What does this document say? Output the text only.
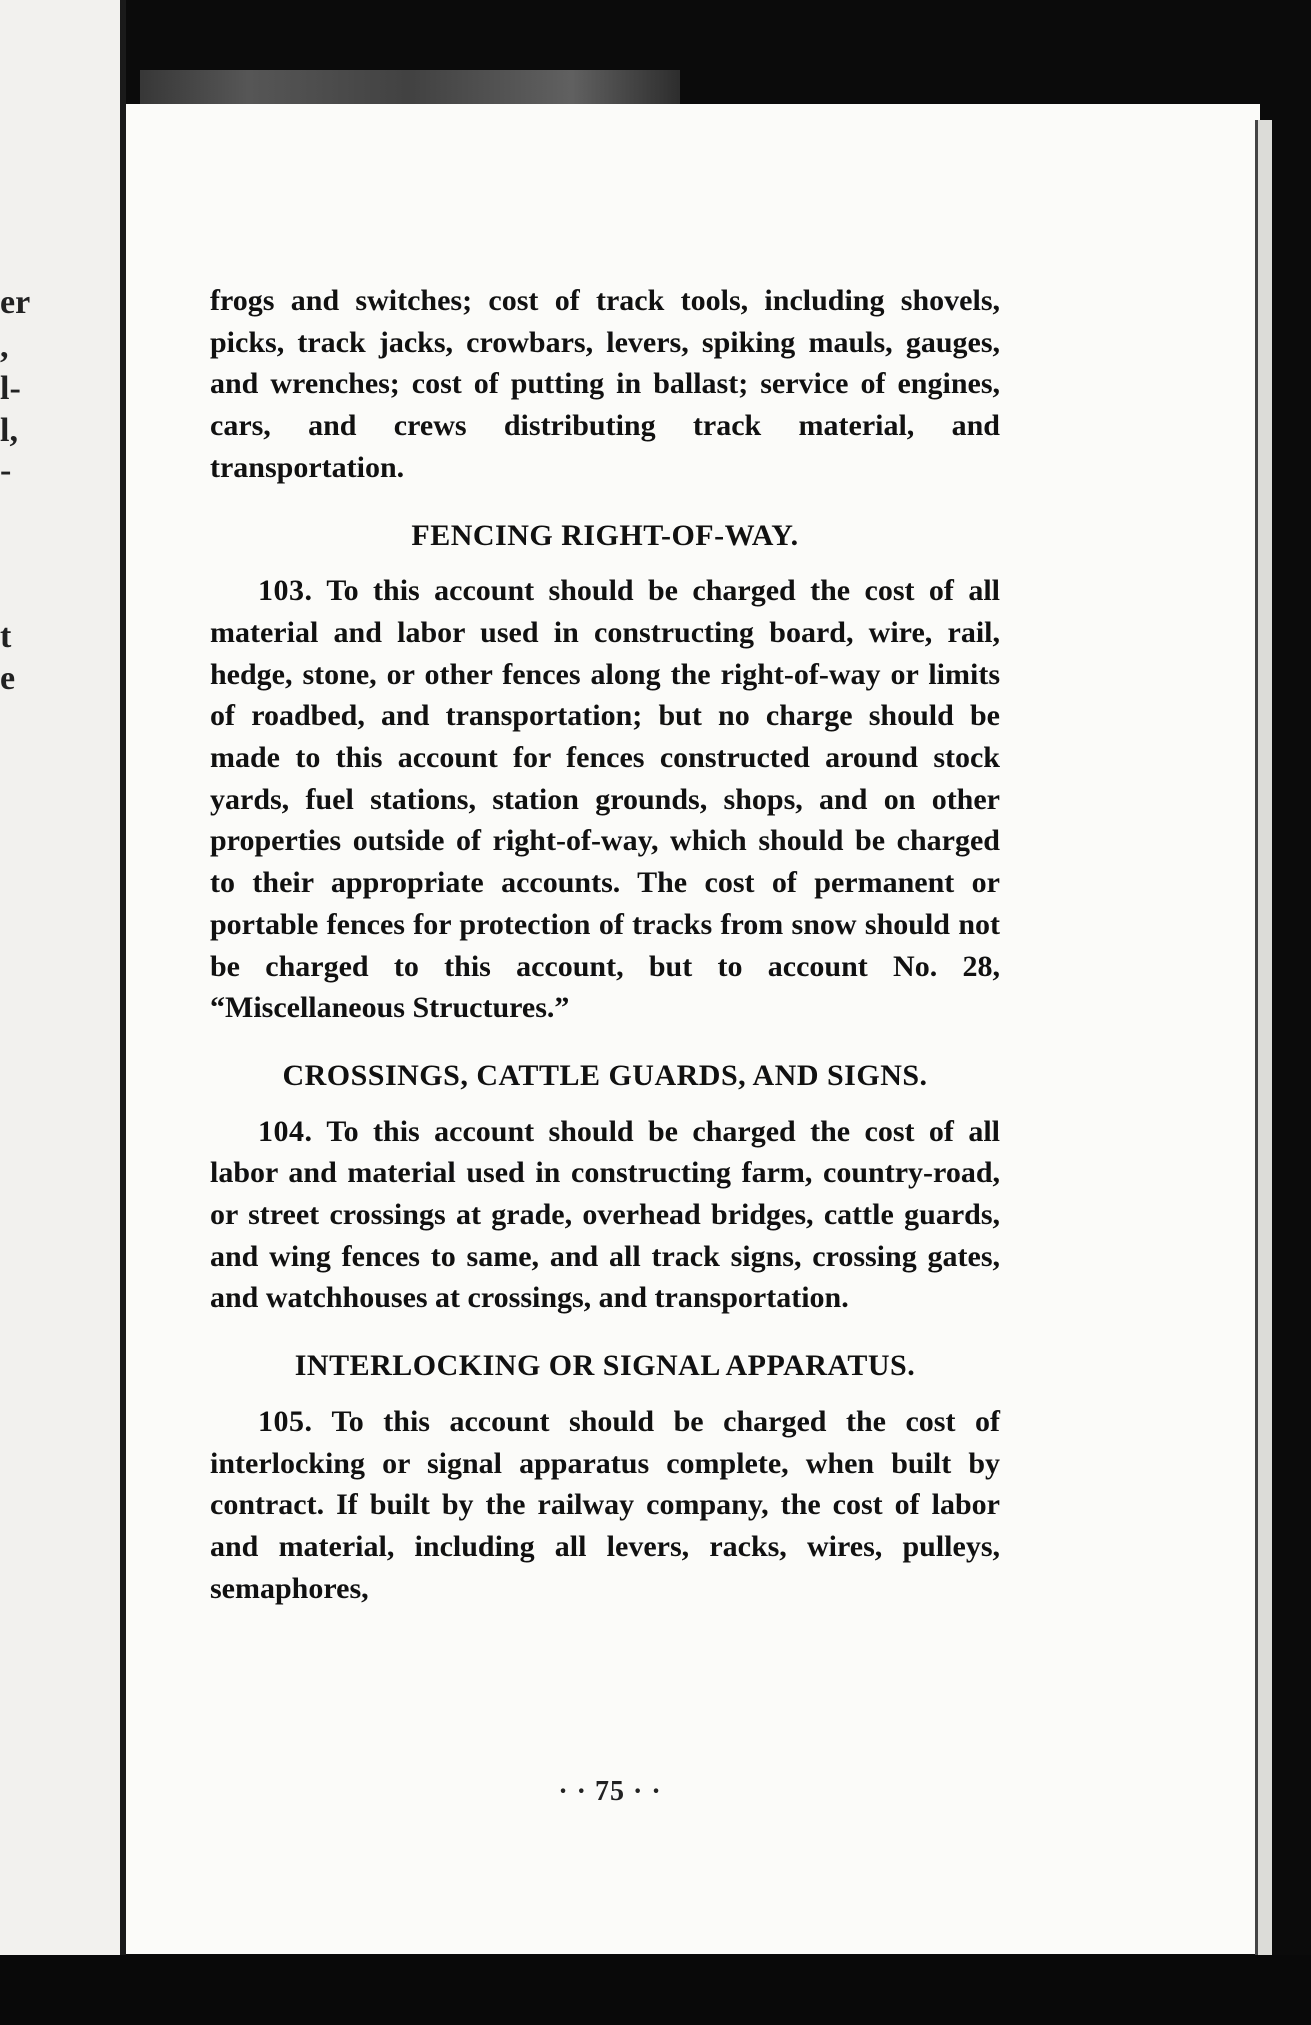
er
,
l-
l,
-
t
e

frogs and switches; cost of track tools, including shovels, picks, track jacks, crowbars, levers, spiking mauls, gauges, and wrenches; cost of putting in ballast; service of engines, cars, and crews distributing track material, and transportation.

FENCING RIGHT-OF-WAY.

103. To this account should be charged the cost of all material and labor used in constructing board, wire, rail, hedge, stone, or other fences along the right-of-way or limits of roadbed, and transportation; but no charge should be made to this account for fences constructed around stock yards, fuel stations, station grounds, shops, and on other properties outside of right-of-way, which should be charged to their appropriate accounts. The cost of permanent or portable fences for protection of tracks from snow should not be charged to this account, but to account No. 28, “Miscellaneous Structures.”

CROSSINGS, CATTLE GUARDS, AND SIGNS.

104. To this account should be charged the cost of all labor and material used in constructing farm, country-road, or street crossings at grade, overhead bridges, cattle guards, and wing fences to same, and all track signs, crossing gates, and watchhouses at crossings, and transportation.

INTERLOCKING OR SIGNAL APPARATUS.

105. To this account should be charged the cost of interlocking or signal apparatus complete, when built by contract. If built by the railway company, the cost of labor and material, including all levers, racks, wires, pulleys, semaphores,

· · 75 · ·
